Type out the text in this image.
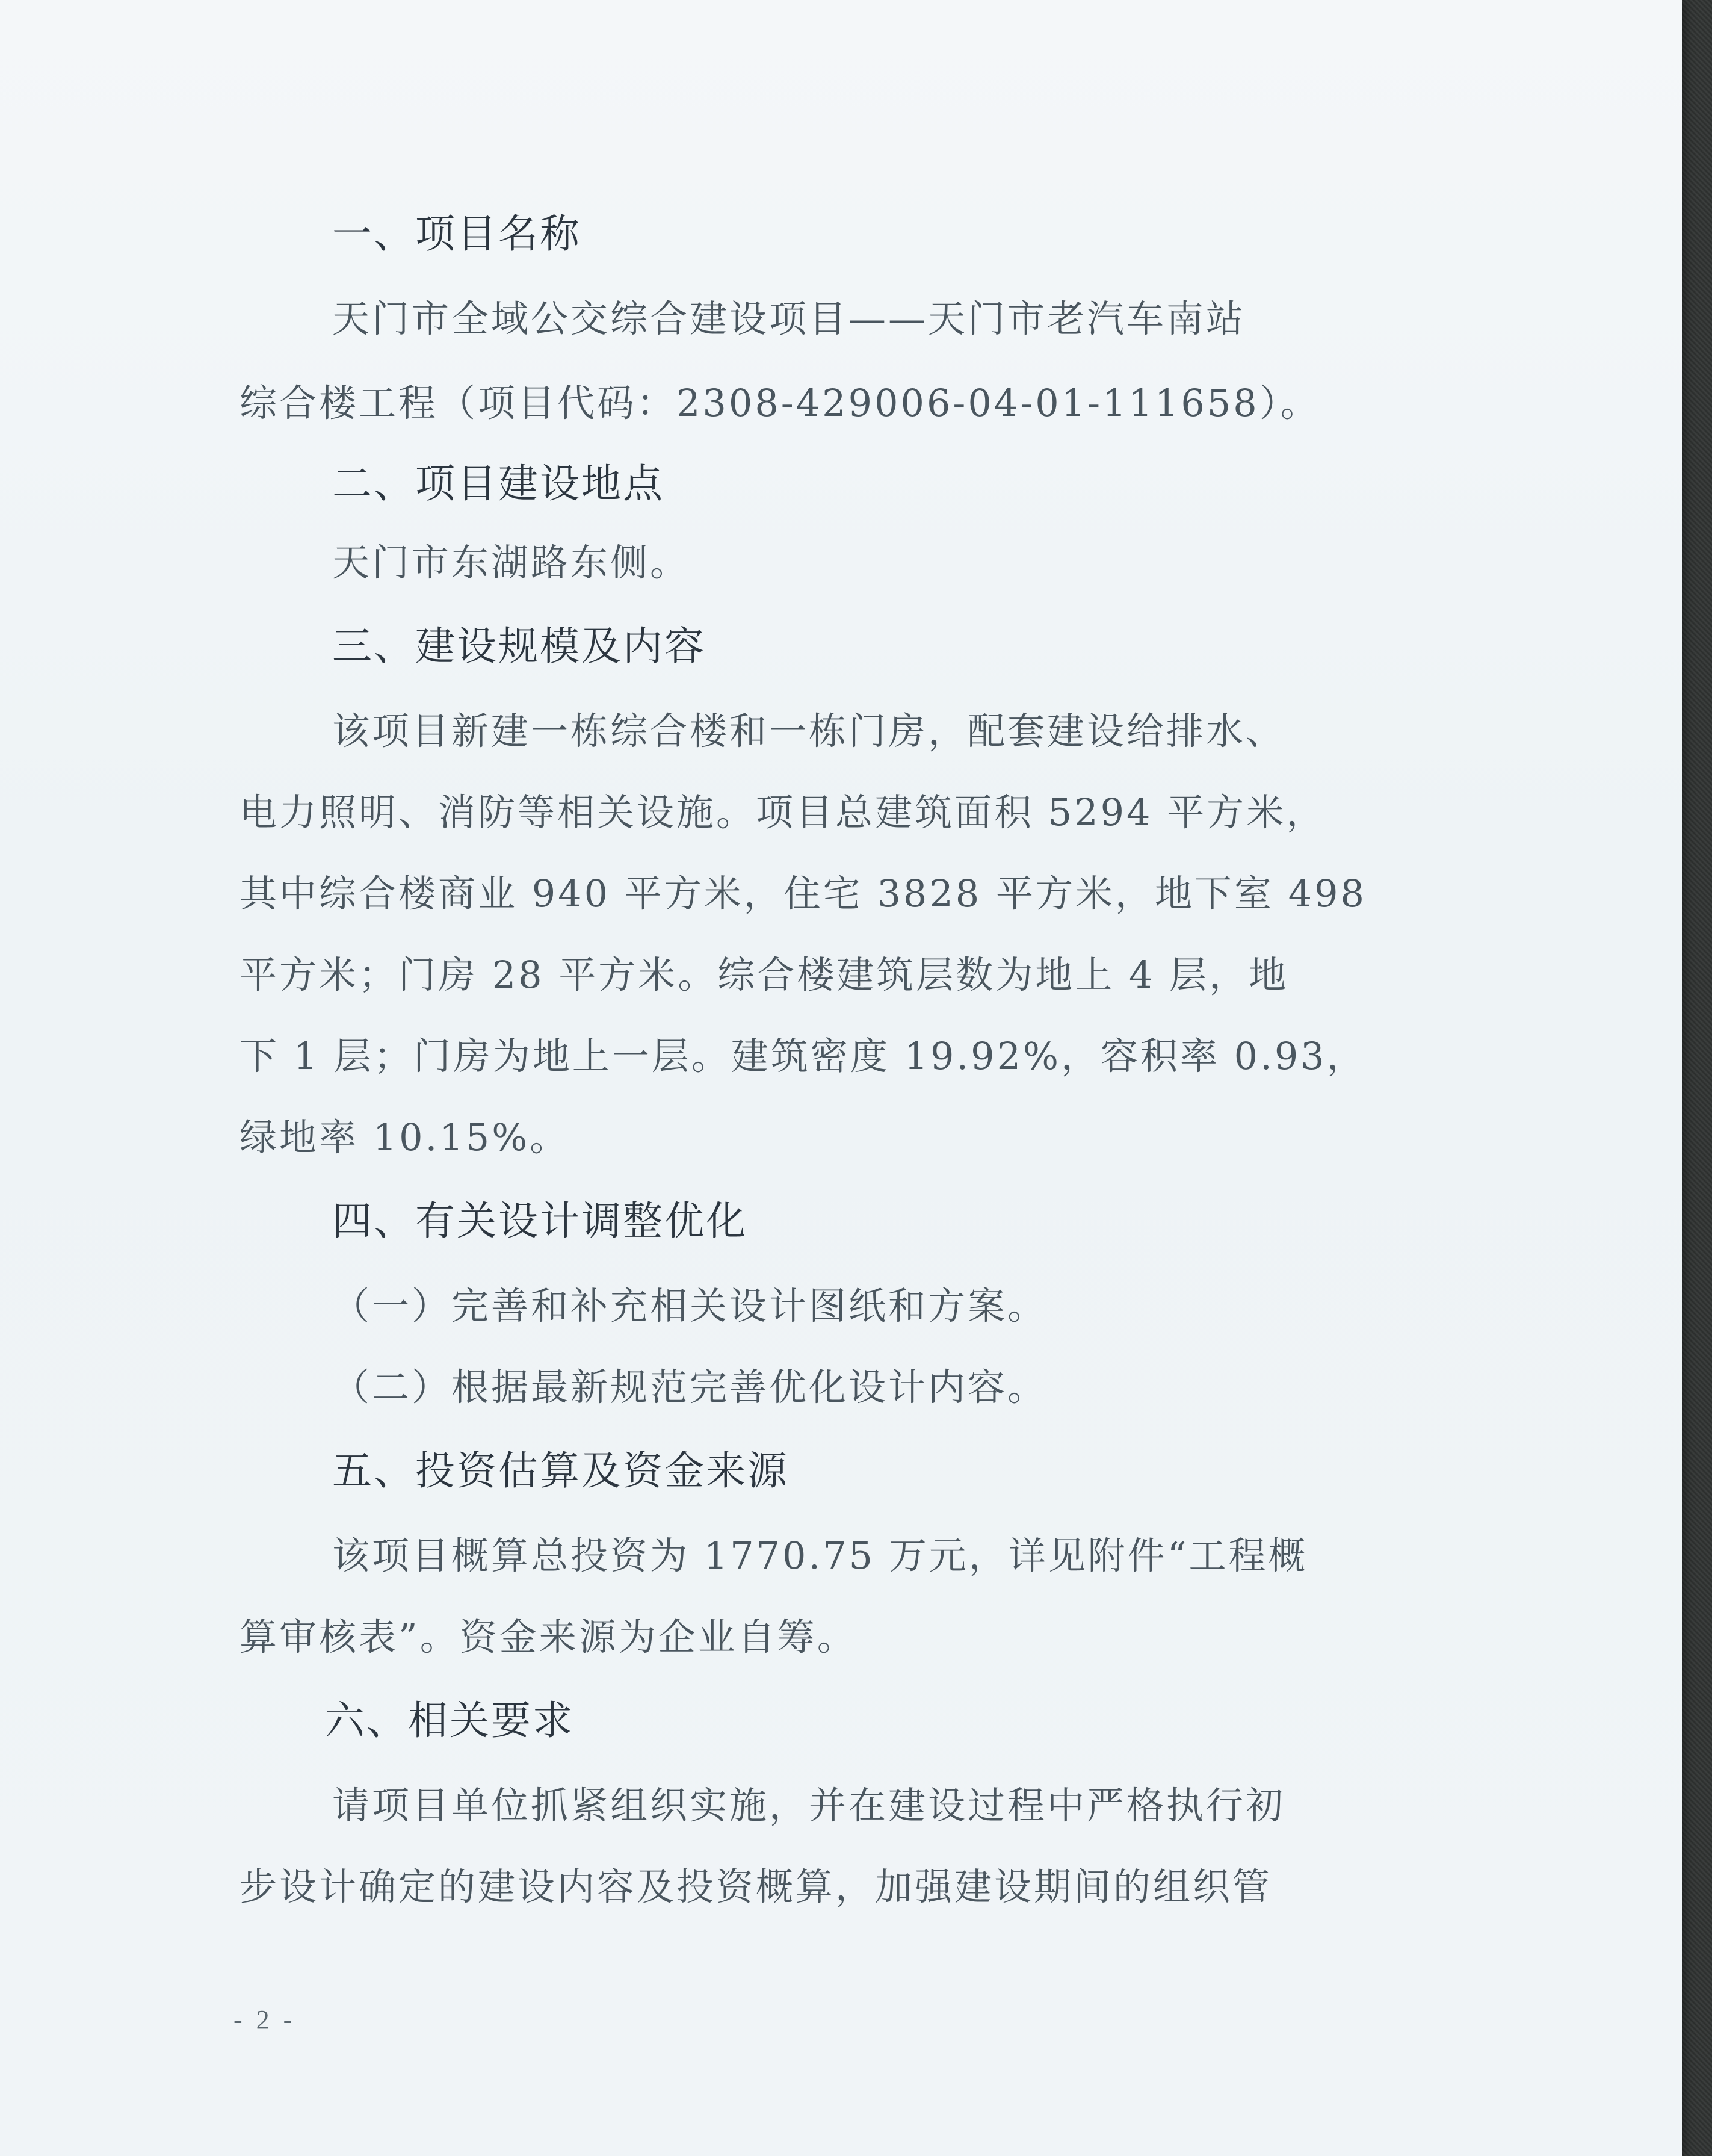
一、项目名称
天门市全域公交综合建设项目——天门市老汽车南站
综合楼工程（项目代码：2308-429006-04-01-111658）。
二、项目建设地点
天门市东湖路东侧。
三、建设规模及内容
该项目新建一栋综合楼和一栋门房，配套建设给排水、
电力照明、消防等相关设施。项目总建筑面积 5294 平方米，
其中综合楼商业 940 平方米，住宅 3828 平方米，地下室 498
平方米；门房 28 平方米。综合楼建筑层数为地上 4 层，地
下 1 层；门房为地上一层。建筑密度 19.92%，容积率 0.93，
绿地率 10.15%。
四、有关设计调整优化
（一）完善和补充相关设计图纸和方案。
（二）根据最新规范完善优化设计内容。
五、投资估算及资金来源
该项目概算总投资为 1770.75 万元，详见附件“工程概
算审核表”。资金来源为企业自筹。
六、相关要求
请项目单位抓紧组织实施，并在建设过程中严格执行初
步设计确定的建设内容及投资概算，加强建设期间的组织管
- 2 -
